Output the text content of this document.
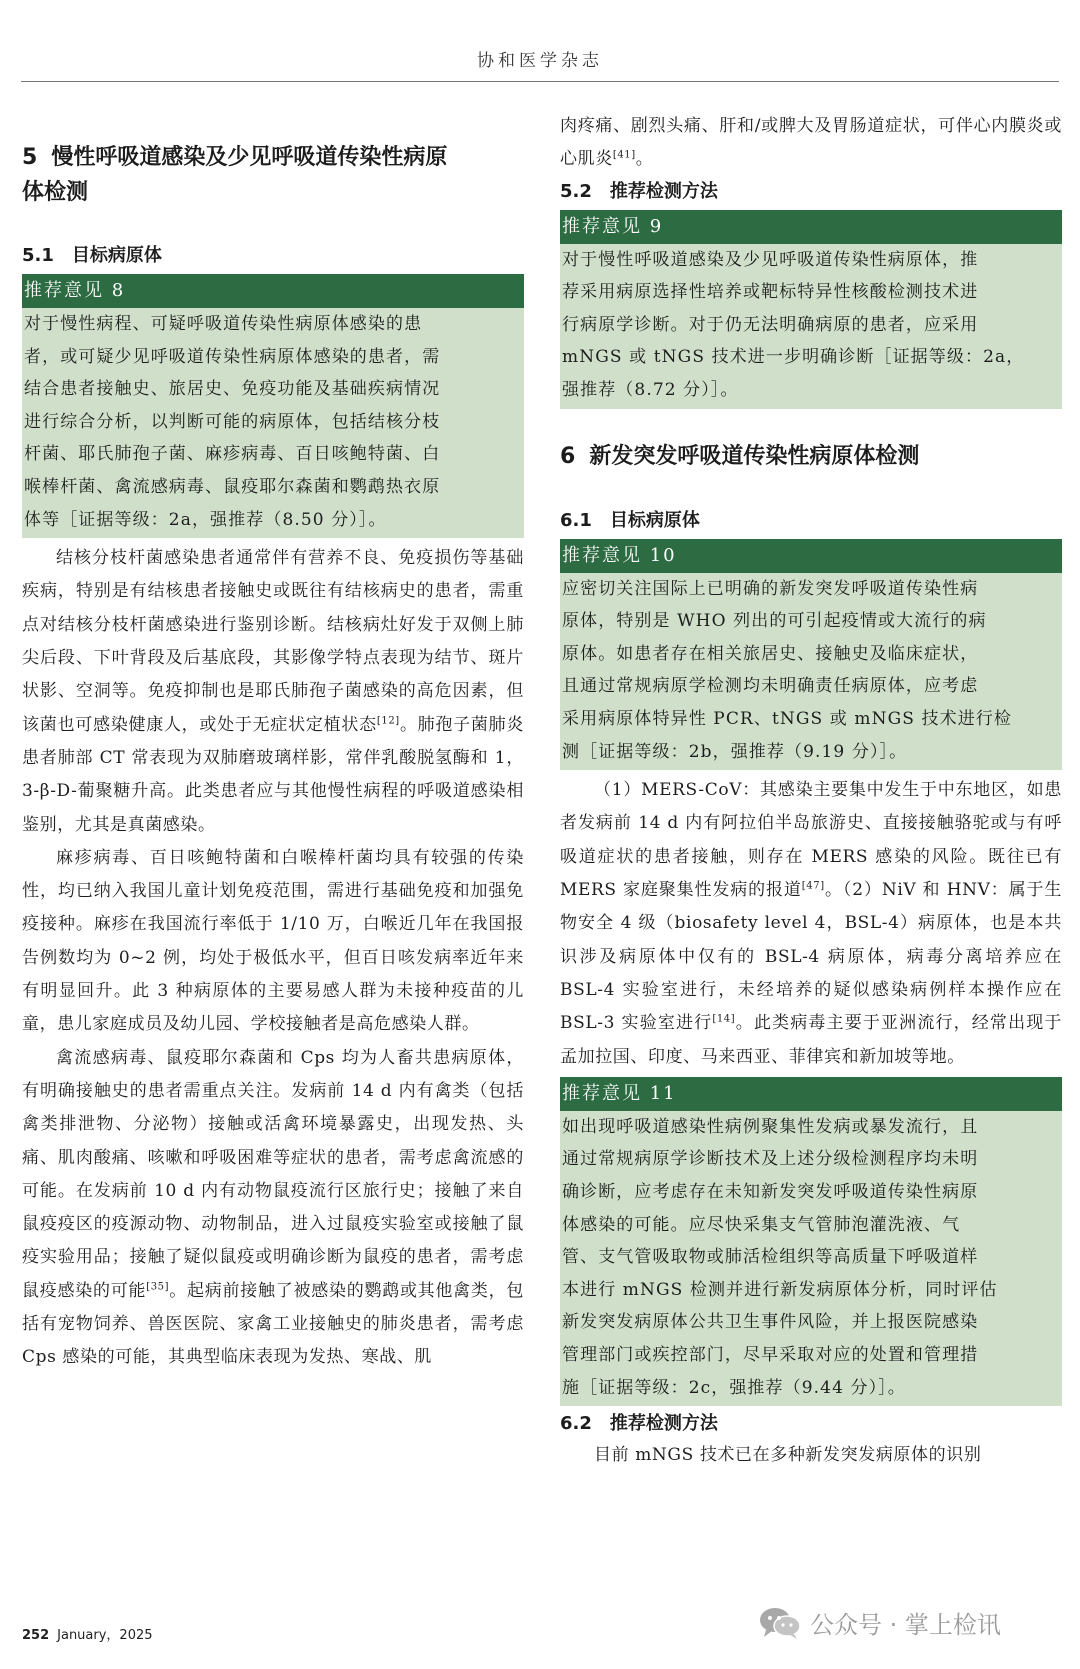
协和医学杂志
5 慢性呼吸道感染及少见呼吸道传染性病原
体检测
5.1 目标病原体
推荐意见 8
对于慢性病程、可疑呼吸道传染性病原体感染的患
者，或可疑少见呼吸道传染性病原体感染的患者，需
结合患者接触史、旅居史、免疫功能及基础疾病情况
进行综合分析，以判断可能的病原体，包括结核分枝
杆菌、耶氏肺孢子菌、麻疹病毒、百日咳鲍特菌、白
喉棒杆菌、禽流感病毒、鼠疫耶尔森菌和鹦鹉热衣原
体等［证据等级：2a，强推荐（8.50 分）］。

结核分枝杆菌感染患者通常伴有营养不良、免疫损伤等基础疾病，特别是有结核患者接触史或既往有结核病史的患者，需重点对结核分枝杆菌感染进行鉴别诊断。结核病灶好发于双侧上肺尖后段、下叶背段及后基底段，其影像学特点表现为结节、斑片状影、空洞等。免疫抑制也是耶氏肺孢子菌感染的高危因素，但该菌也可感染健康人，或处于无症状定植状态[12]。肺孢子菌肺炎患者肺部 CT 常表现为双肺磨玻璃样影，常伴乳酸脱氢酶和 1，3-β-D-葡聚糖升高。此类患者应与其他慢性病程的呼吸道感染相鉴别，尤其是真菌感染。

麻疹病毒、百日咳鲍特菌和白喉棒杆菌均具有较强的传染性，均已纳入我国儿童计划免疫范围，需进行基础免疫和加强免疫接种。麻疹在我国流行率低于 1/10 万，白喉近几年在我国报告例数均为 0~2 例，均处于极低水平，但百日咳发病率近年来有明显回升。此 3 种病原体的主要易感人群为未接种疫苗的儿童，患儿家庭成员及幼儿园、学校接触者是高危感染人群。

禽流感病毒、鼠疫耶尔森菌和 Cps 均为人畜共患病原体，有明确接触史的患者需重点关注。发病前 14 d 内有禽类（包括禽类排泄物、分泌物）接触或活禽环境暴露史，出现发热、头痛、肌肉酸痛、咳嗽和呼吸困难等症状的患者，需考虑禽流感的可能。在发病前 10 d 内有动物鼠疫流行区旅行史；接触了来自鼠疫疫区的疫源动物、动物制品，进入过鼠疫实验室或接触了鼠疫实验用品；接触了疑似鼠疫或明确诊断为鼠疫的患者，需考虑鼠疫感染的可能[35]。起病前接触了被感染的鹦鹉或其他禽类，包括有宠物饲养、兽医医院、家禽工业接触史的肺炎患者，需考虑 Cps 感染的可能，其典型临床表现为发热、寒战、肌

肉疼痛、剧烈头痛、肝和/或脾大及胃肠道症状，可伴心内膜炎或心肌炎[41]。

5.2 推荐检测方法
推荐意见 9
对于慢性呼吸道感染及少见呼吸道传染性病原体，推
荐采用病原选择性培养或靶标特异性核酸检测技术进
行病原学诊断。对于仍无法明确病原的患者，应采用
mNGS 或 tNGS 技术进一步明确诊断［证据等级：2a，
强推荐（8.72 分）］。
6 新发突发呼吸道传染性病原体检测
6.1 目标病原体
推荐意见 10
应密切关注国际上已明确的新发突发呼吸道传染性病
原体，特别是 WHO 列出的可引起疫情或大流行的病
原体。如患者存在相关旅居史、接触史及临床症状，
且通过常规病原学检测均未明确责任病原体，应考虑
采用病原体特异性 PCR、tNGS 或 mNGS 技术进行检
测［证据等级：2b，强推荐（9.19 分）］。

（1）MERS-CoV：其感染主要集中发生于中东地区，如患者发病前 14 d 内有阿拉伯半岛旅游史、直接接触骆驼或与有呼吸道症状的患者接触，则存在 MERS 感染的风险。既往已有 MERS 家庭聚集性发病的报道[47]。（2）NiV 和 HNV：属于生物安全 4 级（biosafety level 4，BSL-4）病原体，也是本共识涉及病原体中仅有的 BSL-4 病原体，病毒分离培养应在 BSL-4 实验室进行，未经培养的疑似感染病例样本操作应在 BSL-3 实验室进行[14]。此类病毒主要于亚洲流行，经常出现于孟加拉国、印度、马来西亚、菲律宾和新加坡等地。

推荐意见 11
如出现呼吸道感染性病例聚集性发病或暴发流行，且
通过常规病原学诊断技术及上述分级检测程序均未明
确诊断，应考虑存在未知新发突发呼吸道传染性病原
体感染的可能。应尽快采集支气管肺泡灌洗液、气
管、支气管吸取物或肺活检组织等高质量下呼吸道样
本进行 mNGS 检测并进行新发病原体分析，同时评估
新发突发病原体公共卫生事件风险，并上报医院感染
管理部门或疾控部门，尽早采取对应的处置和管理措
施［证据等级：2c，强推荐（9.44 分）］。
6.2 推荐检测方法

目前 mNGS 技术已在多种新发突发病原体的识别

252 January，2025	公众号 · 掌上检讯
